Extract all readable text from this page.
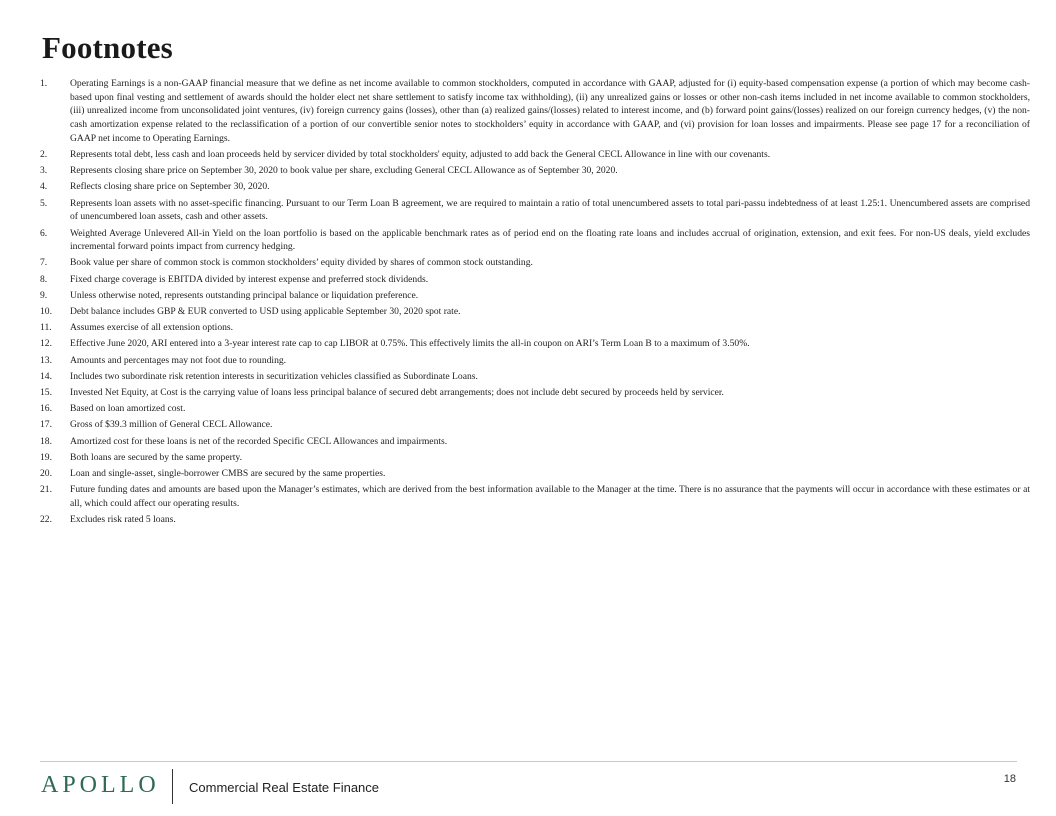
Footnotes
1.	Operating Earnings is a non-GAAP financial measure that we define as net income available to common stockholders, computed in accordance with GAAP, adjusted for (i) equity-based compensation expense (a portion of which may become cash-based upon final vesting and settlement of awards should the holder elect net share settlement to satisfy income tax withholding), (ii) any unrealized gains or losses or other non-cash items included in net income available to common stockholders, (iii) unrealized income from unconsolidated joint ventures, (iv) foreign currency gains (losses), other than (a) realized gains/(losses) related to interest income, and (b) forward point gains/(losses) realized on our foreign currency hedges, (v) the non-cash amortization expense related to the reclassification of a portion of our convertible senior notes to stockholders’ equity in accordance with GAAP, and (vi) provision for loan losses and impairments. Please see page 17 for a reconciliation of GAAP net income to Operating Earnings.
2.	Represents total debt, less cash and loan proceeds held by servicer divided by total stockholders' equity, adjusted to add back the General CECL Allowance in line with our covenants.
3.	Represents closing share price on September 30, 2020 to book value per share, excluding General CECL Allowance as of September 30, 2020.
4.	Reflects closing share price on September 30, 2020.
5.	Represents loan assets with no asset-specific financing. Pursuant to our Term Loan B agreement, we are required to maintain a ratio of total unencumbered assets to total pari-passu indebtedness of at least 1.25:1. Unencumbered assets are comprised of unencumbered loan assets, cash and other assets.
6.	Weighted Average Unlevered All-in Yield on the loan portfolio is based on the applicable benchmark rates as of period end on the floating rate loans and includes accrual of origination, extension, and exit fees. For non-US deals, yield excludes incremental forward points impact from currency hedging.
7.	Book value per share of common stock is common stockholders’ equity divided by shares of common stock outstanding.
8.	Fixed charge coverage is EBITDA divided by interest expense and preferred stock dividends.
9.	Unless otherwise noted, represents outstanding principal balance or liquidation preference.
10.	Debt balance includes GBP & EUR converted to USD using applicable September 30, 2020 spot rate.
11.	Assumes exercise of all extension options.
12.	Effective June 2020, ARI entered into a 3-year interest rate cap to cap LIBOR at 0.75%. This effectively limits the all-in coupon on ARI’s Term Loan B to a maximum of 3.50%.
13.	Amounts and percentages may not foot due to rounding.
14.	Includes two subordinate risk retention interests in securitization vehicles classified as Subordinate Loans.
15.	Invested Net Equity, at Cost is the carrying value of loans less principal balance of secured debt arrangements; does not include debt secured by proceeds held by servicer.
16.	Based on loan amortized cost.
17.	Gross of $39.3 million of General CECL Allowance.
18.	Amortized cost for these loans is net of the recorded Specific CECL Allowances and impairments.
19.	Both loans are secured by the same property.
20.	Loan and single-asset, single-borrower CMBS are secured by the same properties.
21.	Future funding dates and amounts are based upon the Manager’s estimates, which are derived from the best information available to the Manager at the time. There is no assurance that the payments will occur in accordance with these estimates or at all, which could affect our operating results.
22.	Excludes risk rated 5 loans.
APOLLO Commercial Real Estate Finance
18
